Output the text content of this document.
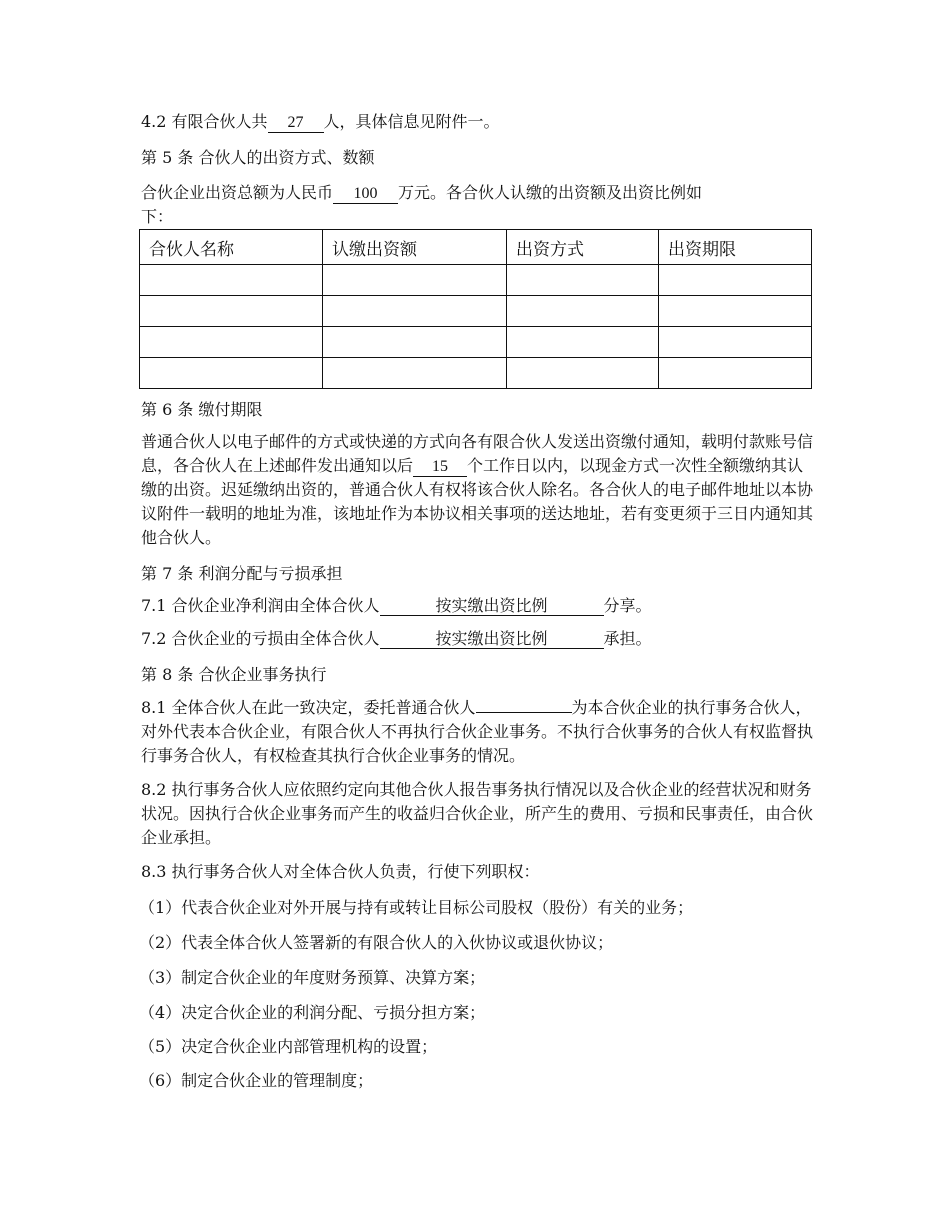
4.2 有限合伙人共 27 人，具体信息见附件一。
第 5 条 合伙人的出资方式、数额
合伙企业出资总额为人民币 100 万元。各合伙人认缴的出资额及出资比例如
下：
合伙人名称	认缴出资额	出资方式	出资期限

第 6 条 缴付期限
普通合伙人以电子邮件的方式或快递的方式向各有限合伙人发送出资缴付通知，载明付款账号信息，各合伙人在上述邮件发出通知以后 15 个工作日以内，以现金方式一次性全额缴纳其认缴的出资。迟延缴纳出资的，普通合伙人有权将该合伙人除名。各合伙人的电子邮件地址以本协议附件一载明的地址为准，该地址作为本协议相关事项的送达地址，若有变更须于三日内通知其他合伙人。
第 7 条 利润分配与亏损承担
7.1 合伙企业净利润由全体合伙人	按实缴出资比例	分享。
7.2 合伙企业的亏损由全体合伙人	按实缴出资比例	承担。
第 8 条 合伙企业事务执行
8.1 全体合伙人在此一致决定，委托普通合伙人	为本合伙企业的执行事务合伙人，对外代表本合伙企业，有限合伙人不再执行合伙企业事务。不执行合伙事务的合伙人有权监督执行事务合伙人，有权检查其执行合伙企业事务的情况。
8.2 执行事务合伙人应依照约定向其他合伙人报告事务执行情况以及合伙企业的经营状况和财务状况。因执行合伙企业事务而产生的收益归合伙企业，所产生的费用、亏损和民事责任，由合伙企业承担。
8.3 执行事务合伙人对全体合伙人负责，行使下列职权：
（1）代表合伙企业对外开展与持有或转让目标公司股权（股份）有关的业务；
（2）代表全体合伙人签署新的有限合伙人的入伙协议或退伙协议；
（3）制定合伙企业的年度财务预算、决算方案；
（4）决定合伙企业的利润分配、亏损分担方案；
（5）决定合伙企业内部管理机构的设置；
（6）制定合伙企业的管理制度；
